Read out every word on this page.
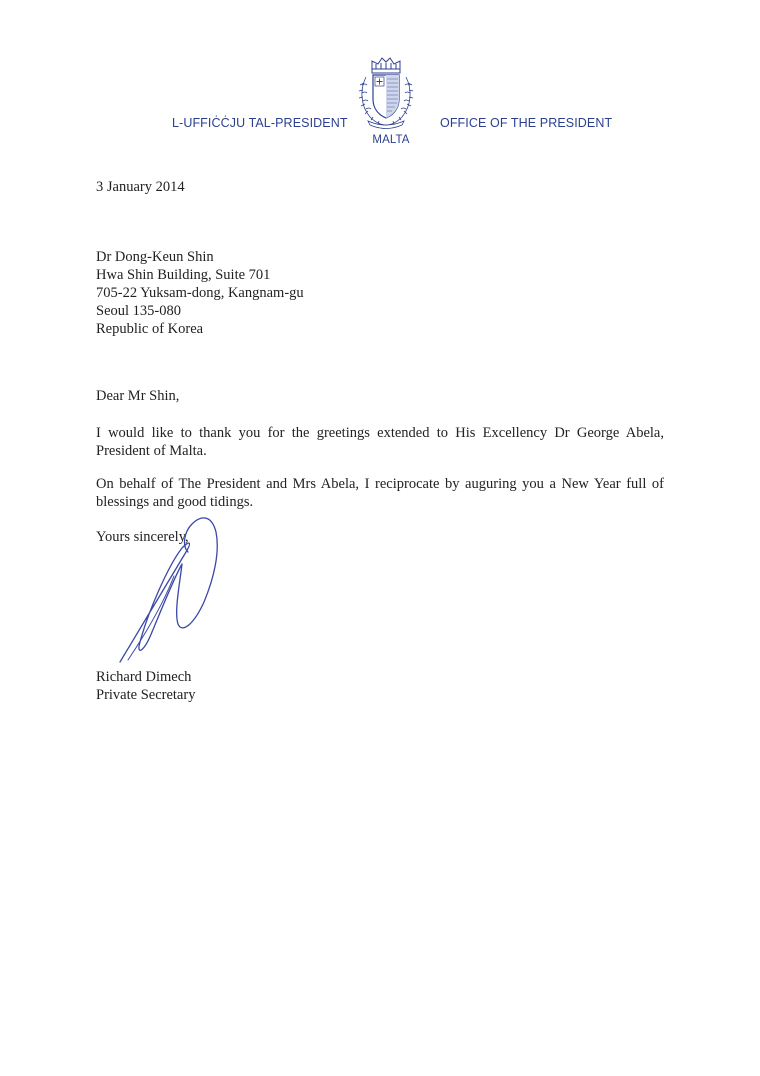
L-UFFIĊĊJU TAL-PRESIDENT	OFFICE OF THE PRESIDENT
MALTA
3 January 2014
Dr Dong-Keun Shin
Hwa Shin Building, Suite 701
705-22 Yuksam-dong, Kangnam-gu
Seoul 135-080
Republic of Korea
Dear Mr Shin,
I would like to thank you for the greetings extended to His Excellency Dr George Abela,
President of Malta.
On behalf of The President and Mrs Abela, I reciprocate by auguring you a New Year full of
blessings and good tidings.
Yours sincerely,
Richard Dimech
Private Secretary
